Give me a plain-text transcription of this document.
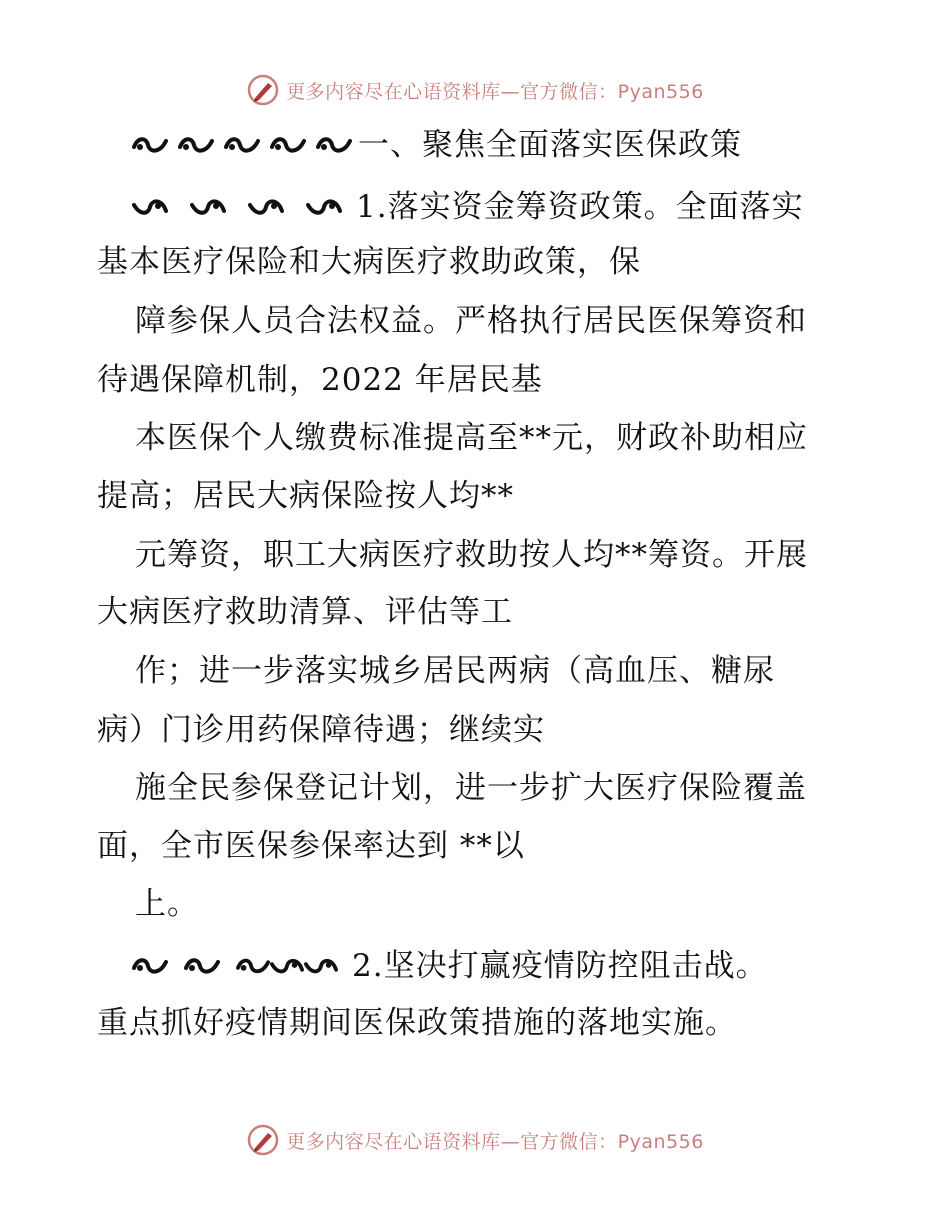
更多内容尽在心语资料库—官方微信：Pyan556
一、聚焦全面落实医保政策
1.落实资金筹资政策。全面落实
基本医疗保险和大病医疗救助政策，保
障参保人员合法权益。严格执行居民医保筹资和
待遇保障机制，2022 年居民基
本医保个人缴费标准提高至**元，财政补助相应
提高；居民大病保险按人均**
元筹资，职工大病医疗救助按人均**筹资。开展
大病医疗救助清算、评估等工
作；进一步落实城乡居民两病（高血压、糖尿
病）门诊用药保障待遇；继续实
施全民参保登记计划，进一步扩大医疗保险覆盖
面，全市医保参保率达到 **以
上。
2.坚决打赢疫情防控阻击战。
重点抓好疫情期间医保政策措施的落地实施。
更多内容尽在心语资料库—官方微信：Pyan556
